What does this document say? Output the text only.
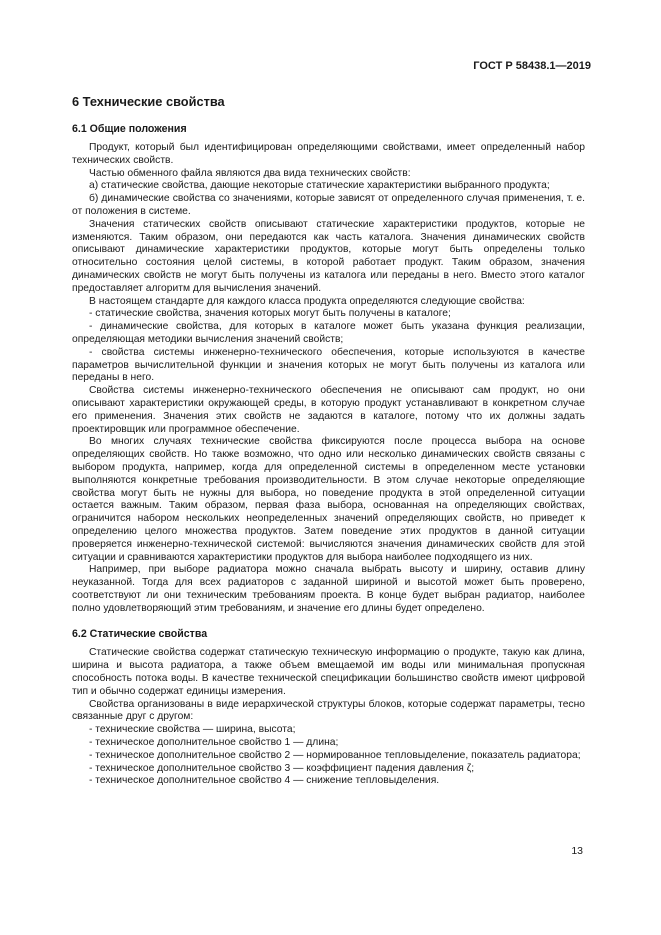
ГОСТ Р 58438.1—2019
6 Технические свойства
6.1 Общие положения

Продукт, который был идентифицирован определяющими свойствами, имеет определенный набор технических свойств.

Частью обменного файла являются два вида технических свойств:

а) статические свойства, дающие некоторые статические характеристики выбранного продукта;

б) динамические свойства со значениями, которые зависят от определенного случая применения, т. е. от положения в системе.

Значения статических свойств описывают статические характеристики продуктов, которые не изменяются. Таким образом, они передаются как часть каталога. Значения динамических свойств описывают динамические характеристики продуктов, которые могут быть определены только относительно состояния целой системы, в которой работает продукт. Таким образом, значения динамических свойств не могут быть получены из каталога или переданы в него. Вместо этого каталог предоставляет алгоритм для вычисления значений.

В настоящем стандарте для каждого класса продукта определяются следующие свойства:

- статические свойства, значения которых могут быть получены в каталоге;

- динамические свойства, для которых в каталоге может быть указана функция реализации, определяющая методики вычисления значений свойств;

- свойства системы инженерно-технического обеспечения, которые используются в качестве параметров вычислительной функции и значения которых не могут быть получены из каталога или переданы в него.

Свойства системы инженерно-технического обеспечения не описывают сам продукт, но они описывают характеристики окружающей среды, в которую продукт устанавливают в конкретном случае его применения. Значения этих свойств не задаются в каталоге, потому что их должны задать проектировщик или программное обеспечение.

Во многих случаях технические свойства фиксируются после процесса выбора на основе определяющих свойств. Но также возможно, что одно или несколько динамических свойств связаны с выбором продукта, например, когда для определенной системы в определенном месте установки выполняются конкретные требования производительности. В этом случае некоторые определяющие свойства могут быть не нужны для выбора, но поведение продукта в этой определенной ситуации остается важным. Таким образом, первая фаза выбора, основанная на определяющих свойствах, ограничится набором нескольких неопределенных значений определяющих свойств, но приведет к определению целого множества продуктов. Затем поведение этих продуктов в данной ситуации проверяется инженерно-технической системой: вычисляются значения динамических свойств для этой ситуации и сравниваются характеристики продуктов для выбора наиболее подходящего из них.

Например, при выборе радиатора можно сначала выбрать высоту и ширину, оставив длину неуказанной. Тогда для всех радиаторов с заданной шириной и высотой может быть проверено, соответствуют ли они техническим требованиям проекта. В конце будет выбран радиатор, наиболее полно удовлетворяющий этим требованиям, и значение его длины будет определено.

6.2 Статические свойства

Статические свойства содержат статическую техническую информацию о продукте, такую как длина, ширина и высота радиатора, а также объем вмещаемой им воды или минимальная пропускная способность потока воды. В качестве технической спецификации большинство свойств имеют цифровой тип и обычно содержат единицы измерения.

Свойства организованы в виде иерархической структуры блоков, которые содержат параметры, тесно связанные друг с другом:

- технические свойства — ширина, высота;

- техническое дополнительное свойство 1 — длина;

- техническое дополнительное свойство 2 — нормированное тепловыделение, показатель радиатора;

- техническое дополнительное свойство 3 — коэффициент падения давления ζ;

- техническое дополнительное свойство 4 — снижение тепловыделения.

13
